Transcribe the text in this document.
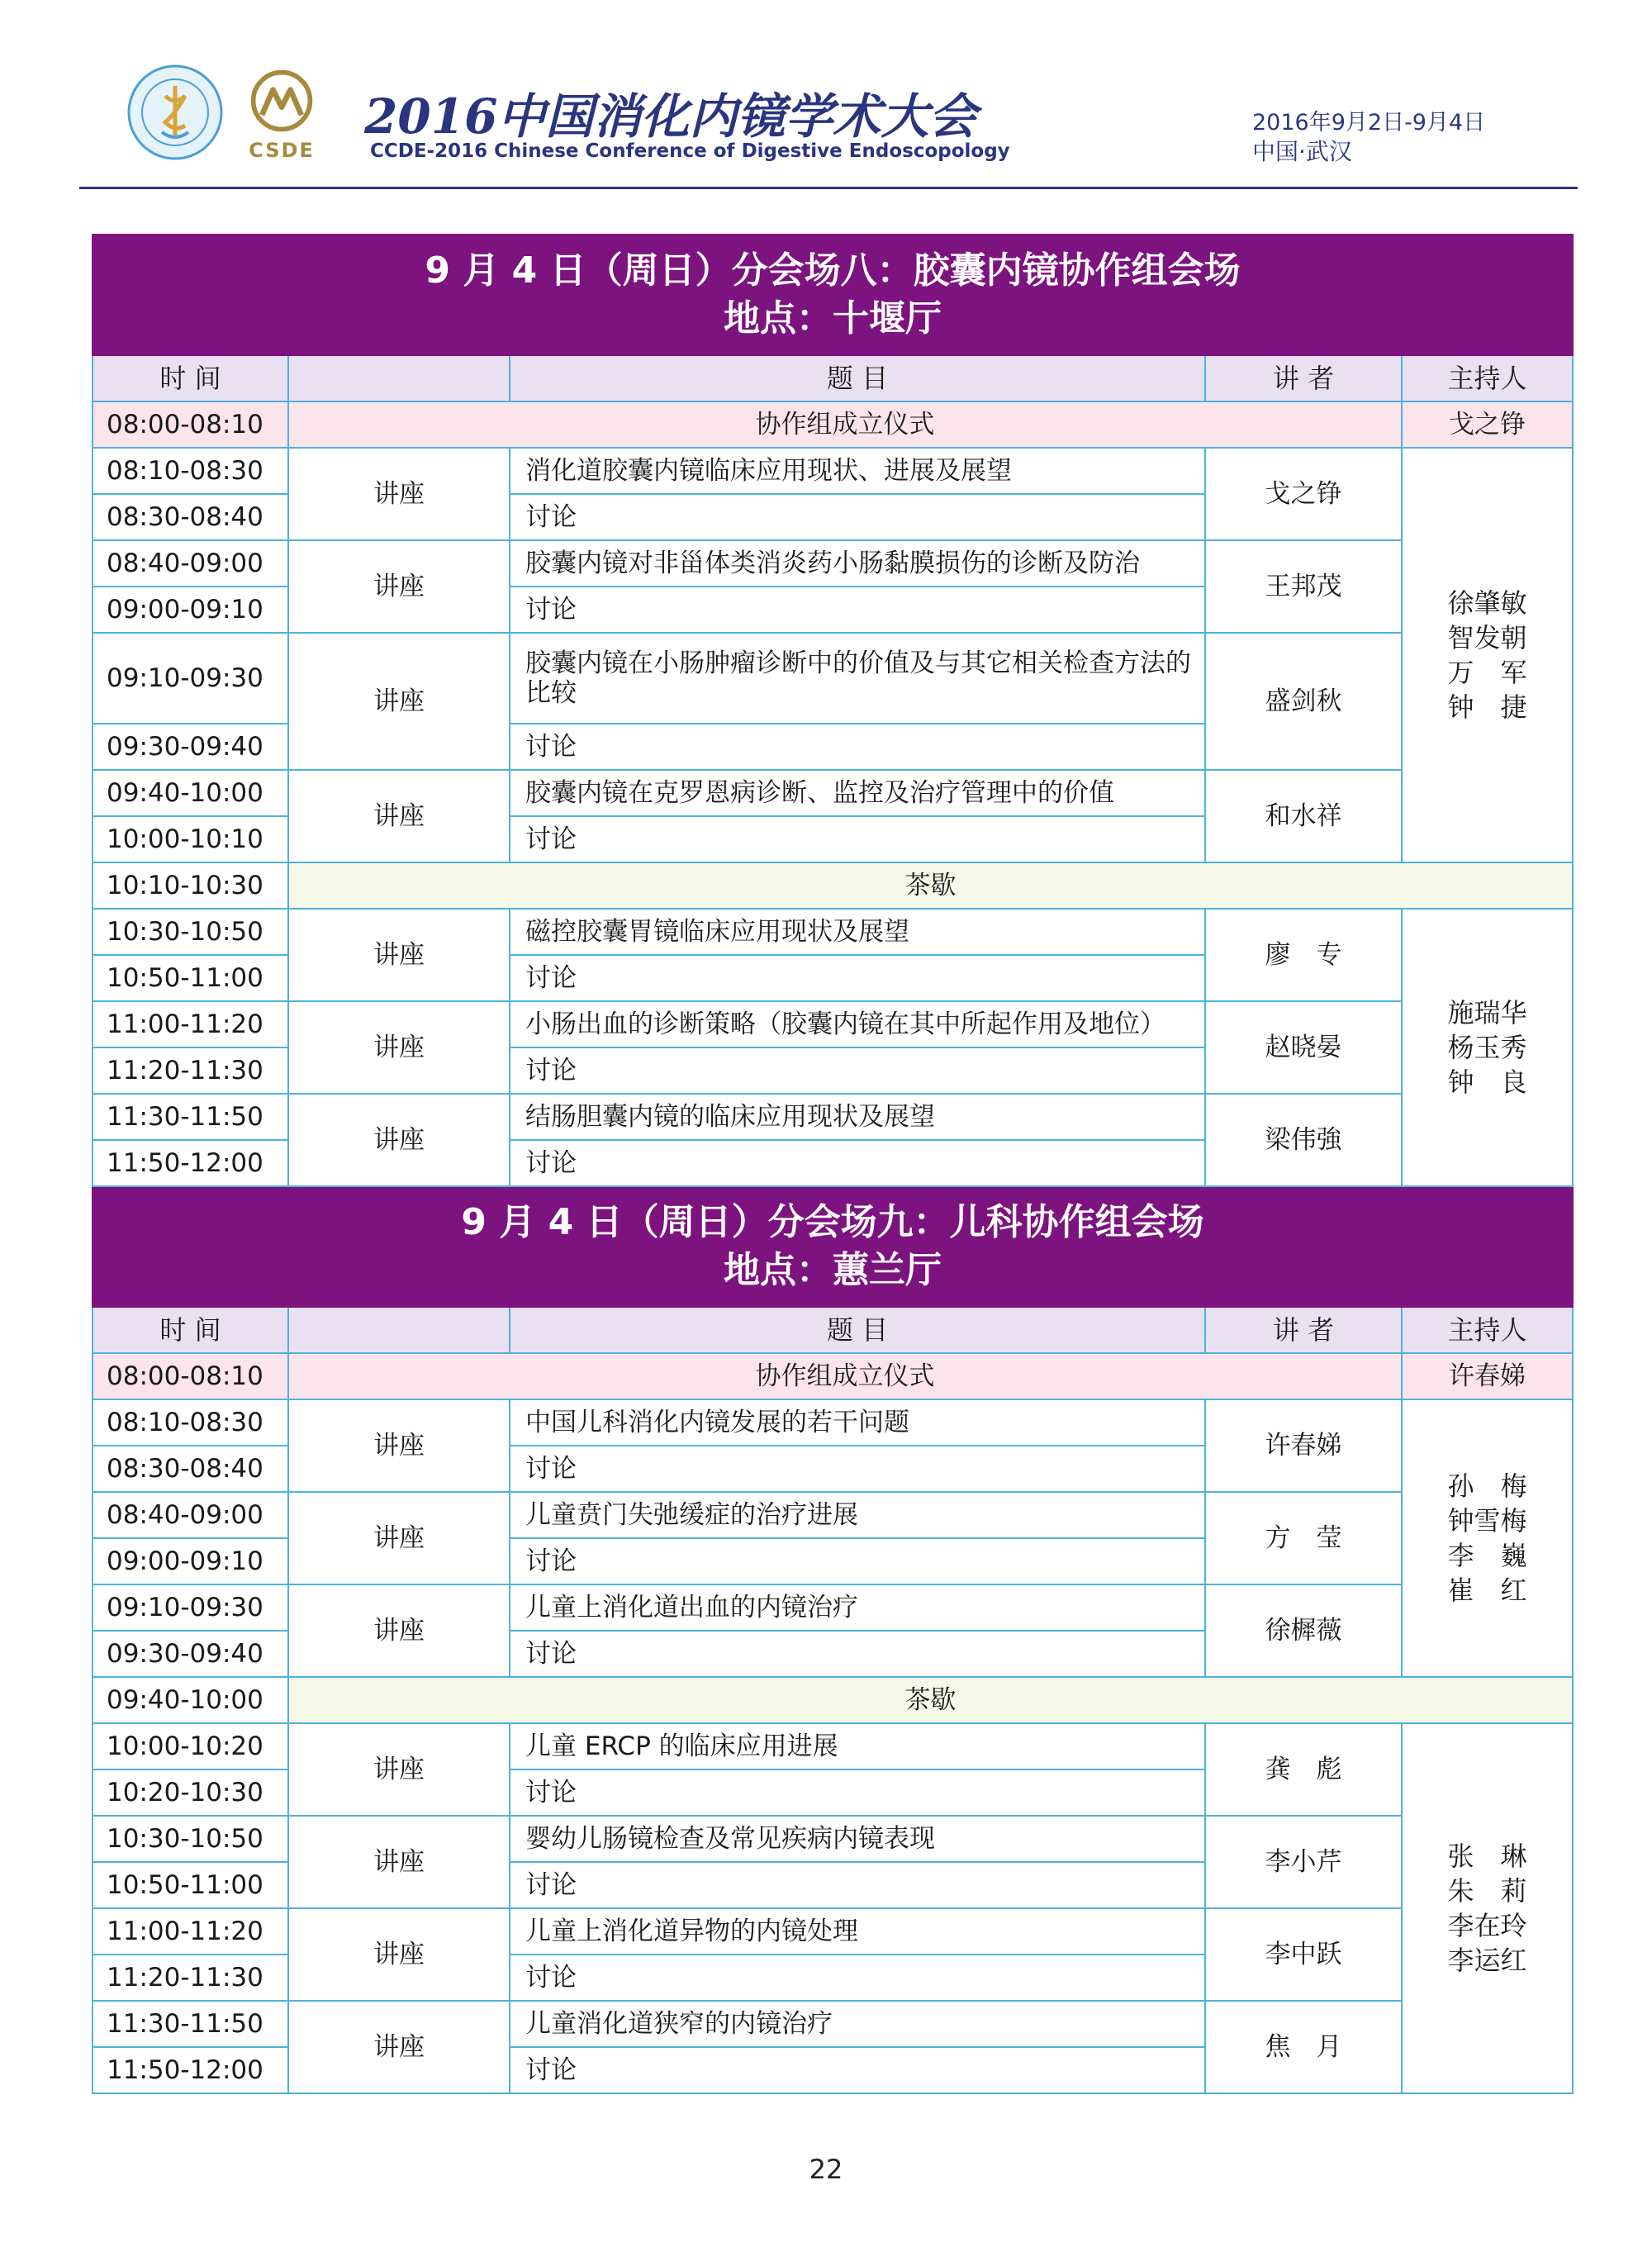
CSDE
2016中国消化内镜学术大会
CCDE-2016 Chinese Conference of Digestive Endoscopology
2016年9月2日-9月4日
中国·武汉
9 月 4 日（周日）分会场八：胶囊内镜协作组会场
地点：十堰厅				

时 间		题 目	讲 者	主持人
08:00-08:10	协作组成立仪式			戈之铮
08:10-08:30	讲座	消化道胶囊内镜临床应用现状、进展及展望	戈之铮	徐肇敏
智发朝
万　军
钟　捷

08:30-08:40		讨论		
08:40-09:00	讲座	胶囊内镜对非甾体类消炎药小肠黏膜损伤的诊断及防治	王邦茂	
09:00-09:10		讨论		
09:10-09:30	讲座	胶囊内镜在小肠肿瘤诊断中的价值及与其它相关检查方法的比较	盛剑秋	
09:30-09:40		讨论		
09:40-10:00	讲座	胶囊内镜在克罗恩病诊断、监控及治疗管理中的价值	和水祥	
10:00-10:10		讨论		
10:10-10:30	茶歇			
10:30-10:50	讲座	磁控胶囊胃镜临床应用现状及展望	廖　专	施瑞华
杨玉秀
钟　良

10:50-11:00		讨论		
11:00-11:20	讲座	小肠出血的诊断策略（胶囊内镜在其中所起作用及地位）	赵晓晏	
11:20-11:30		讨论		
11:30-11:50	讲座	结肠胆囊内镜的临床应用现状及展望	梁伟強	
11:50-12:00		讨论		

9 月 4 日（周日）分会场九：儿科协作组会场
地点：蕙兰厅				

时 间		题 目	讲 者	主持人
08:00-08:10	协作组成立仪式			许春娣
08:10-08:30	讲座	中国儿科消化内镜发展的若干问题	许春娣	孙　梅
钟雪梅
李　巍
崔　红

08:30-08:40		讨论		
08:40-09:00	讲座	儿童贲门失弛缓症的治疗进展	方　莹	
09:00-09:10		讨论		
09:10-09:30	讲座	儿童上消化道出血的内镜治疗	徐樨薇	
09:30-09:40		讨论		
09:40-10:00	茶歇			
10:00-10:20	讲座	儿童 ERCP 的临床应用进展	龚　彪	张　琳
朱　莉
李在玲
李运红

10:20-10:30		讨论		
10:30-10:50	讲座	婴幼儿肠镜检查及常见疾病内镜表现	李小芹	
10:50-11:00		讨论		
11:00-11:20	讲座	儿童上消化道异物的内镜处理	李中跃	
11:20-11:30		讨论		
11:30-11:50	讲座	儿童消化道狭窄的内镜治疗	焦　月	
11:50-12:00		讨论		
22
